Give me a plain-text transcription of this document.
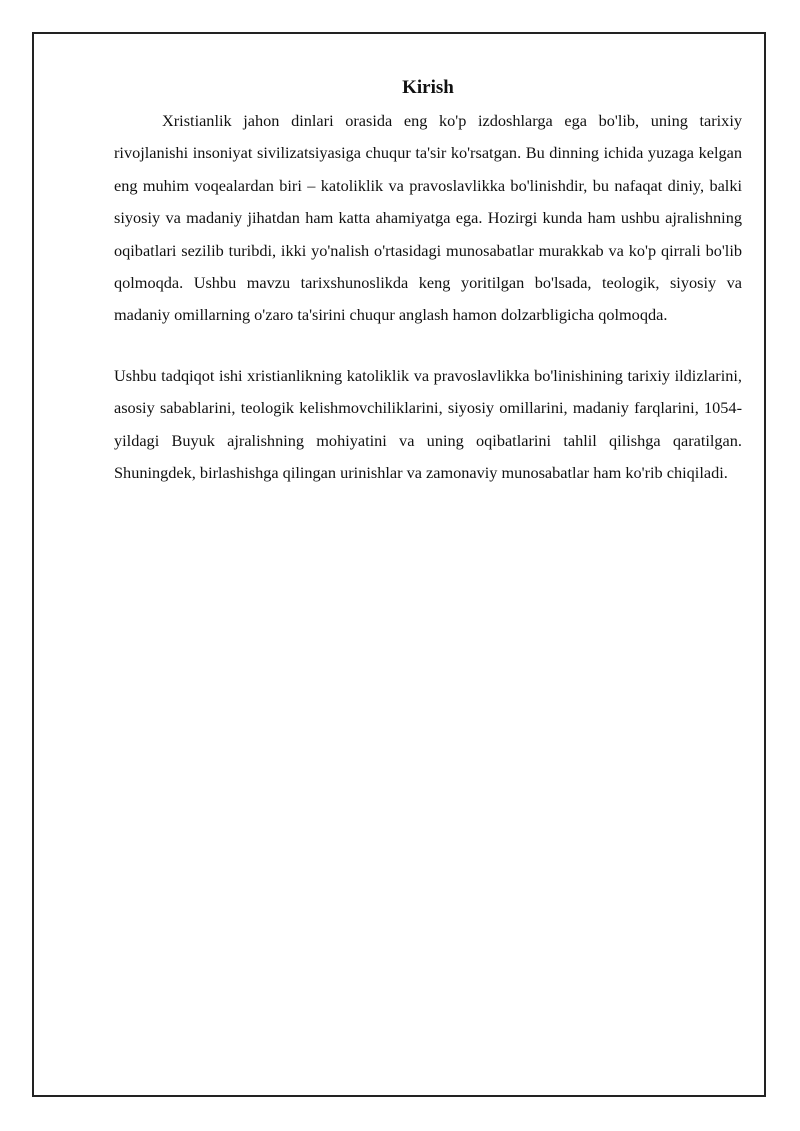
Kirish

Xristianlik jahon dinlari orasida eng ko'p izdoshlarga ega bo'lib, uning tarixiy rivojlanishi insoniyat sivilizatsiyasiga chuqur ta'sir ko'rsatgan. Bu dinning ichida yuzaga kelgan eng muhim voqealardan biri – katoliklik va pravoslavlikka bo'linishdir, bu nafaqat diniy, balki siyosiy va madaniy jihatdan ham katta ahamiyatga ega. Hozirgi kunda ham ushbu ajralishning oqibatlari sezilib turibdi, ikki yo'nalish o'rtasidagi munosabatlar murakkab va ko'p qirrali bo'lib qolmoqda. Ushbu mavzu tarixshunoslikda keng yoritilgan bo'lsada, teologik, siyosiy va madaniy omillarning o'zaro ta'sirini chuqur anglash hamon dolzarbligicha qolmoqda.

Ushbu tadqiqot ishi xristianlikning katoliklik va pravoslavlikka bo'linishining tarixiy ildizlarini, asosiy sabablarini, teologik kelishmovchiliklarini, siyosiy omillarini, madaniy farqlarini, 1054-yildagi Buyuk ajralishning mohiyatini va uning oqibatlarini tahlil qilishga qaratilgan. Shuningdek, birlashishga qilingan urinishlar va zamonaviy munosabatlar ham ko'rib chiqiladi.
